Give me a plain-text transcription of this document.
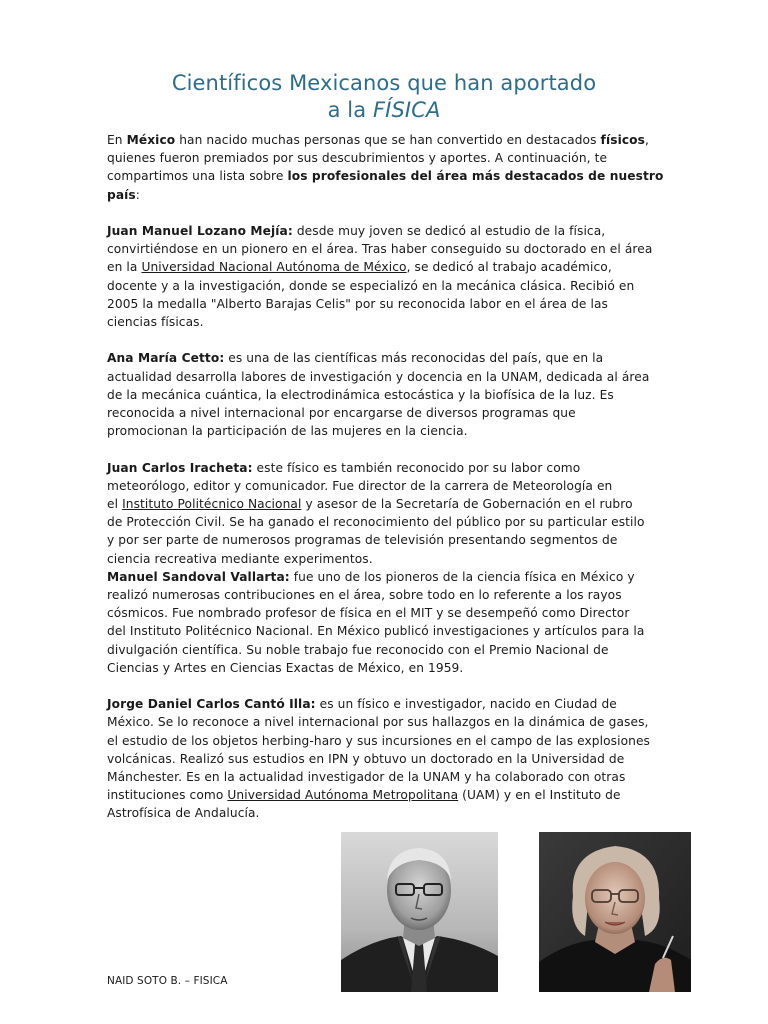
Científicos Mexicanos que han aportado
a la FÍSICA

En México han nacido muchas personas que se han convertido en destacados físicos,
quienes fueron premiados por sus descubrimientos y aportes. A continuación, te
compartimos una lista sobre los profesionales del área más destacados de nuestro
país:

Juan Manuel Lozano Mejía: desde muy joven se dedicó al estudio de la física,
convirtiéndose en un pionero en el área. Tras haber conseguido su doctorado en el área
en la Universidad Nacional Autónoma de México, se dedicó al trabajo académico,
docente y a la investigación, donde se especializó en la mecánica clásica. Recibió en
2005 la medalla "Alberto Barajas Celis" por su reconocida labor en el área de las
ciencias físicas.

Ana María Cetto: es una de las científicas más reconocidas del país, que en la
actualidad desarrolla labores de investigación y docencia en la UNAM, dedicada al área
de la mecánica cuántica, la electrodinámica estocástica y la biofísica de la luz. Es
reconocida a nivel internacional por encargarse de diversos programas que
promocionan la participación de las mujeres en la ciencia.

Juan Carlos Iracheta: este físico es también reconocido por su labor como
meteorólogo, editor y comunicador. Fue director de la carrera de Meteorología en
el Instituto Politécnico Nacional y asesor de la Secretaría de Gobernación en el rubro
de Protección Civil. Se ha ganado el reconocimiento del público por su particular estilo
y por ser parte de numerosos programas de televisión presentando segmentos de
ciencia recreativa mediante experimentos.

Manuel Sandoval Vallarta: fue uno de los pioneros de la ciencia física en México y
realizó numerosas contribuciones en el área, sobre todo en lo referente a los rayos
cósmicos. Fue nombrado profesor de física en el MIT y se desempeñó como Director
del Instituto Politécnico Nacional. En México publicó investigaciones y artículos para la
divulgación científica. Su noble trabajo fue reconocido con el Premio Nacional de
Ciencias y Artes en Ciencias Exactas de México, en 1959.

Jorge Daniel Carlos Cantó Illa: es un físico e investigador, nacido en Ciudad de
México. Se lo reconoce a nivel internacional por sus hallazgos en la dinámica de gases,
el estudio de los objetos herbing-haro y sus incursiones en el campo de las explosiones
volcánicas. Realizó sus estudios en IPN y obtuvo un doctorado en la Universidad de
Mánchester. Es en la actualidad investigador de la UNAM y ha colaborado con otras
instituciones como Universidad Autónoma Metropolitana (UAM) y en el Instituto de
Astrofísica de Andalucía.

NAID SOTO B. – FISICA
